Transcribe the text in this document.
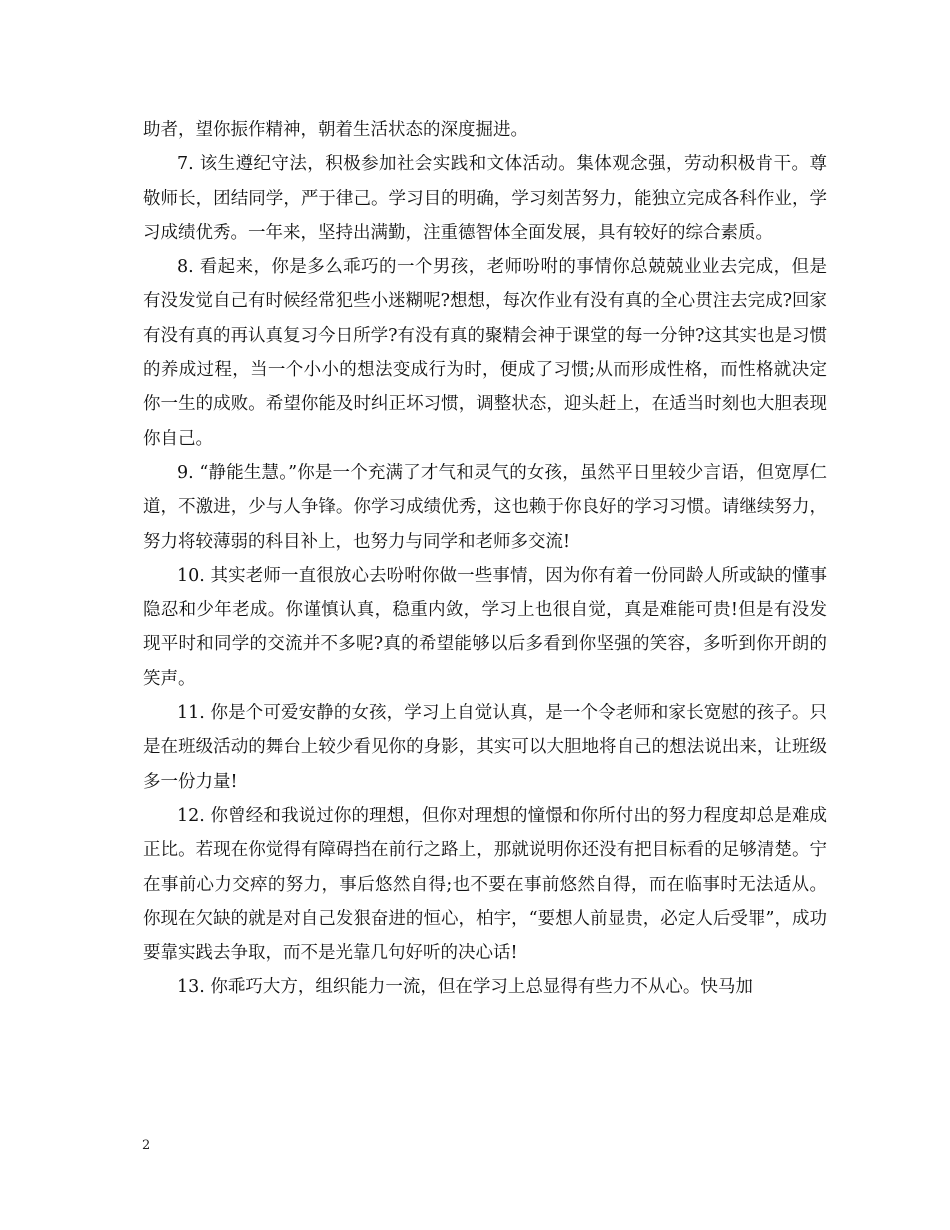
助者，望你振作精神，朝着生活状态的深度掘进。

7. 该生遵纪守法，积极参加社会实践和文体活动。集体观念强，劳动积极肯干。尊敬师长，团结同学，严于律己。学习目的明确，学习刻苦努力，能独立完成各科作业，学习成绩优秀。一年来，坚持出满勤，注重德智体全面发展，具有较好的综合素质。

8. 看起来，你是多么乖巧的一个男孩，老师吩咐的事情你总兢兢业业去完成，但是有没发觉自己有时候经常犯些小迷糊呢?想想，每次作业有没有真的全心贯注去完成?回家有没有真的再认真复习今日所学?有没有真的聚精会神于课堂的每一分钟?这其实也是习惯的养成过程，当一个小小的想法变成行为时，便成了习惯;从而形成性格，而性格就决定你一生的成败。希望你能及时纠正坏习惯，调整状态，迎头赶上，在适当时刻也大胆表现你自己。

9. “静能生慧。”你是一个充满了才气和灵气的女孩，虽然平日里较少言语，但宽厚仁道，不激进，少与人争锋。你学习成绩优秀，这也赖于你良好的学习习惯。请继续努力，努力将较薄弱的科目补上，也努力与同学和老师多交流!

10. 其实老师一直很放心去吩咐你做一些事情，因为你有着一份同龄人所或缺的懂事隐忍和少年老成。你谨慎认真，稳重内敛，学习上也很自觉，真是难能可贵!但是有没发现平时和同学的交流并不多呢?真的希望能够以后多看到你坚强的笑容，多听到你开朗的笑声。

11. 你是个可爱安静的女孩，学习上自觉认真，是一个令老师和家长宽慰的孩子。只是在班级活动的舞台上较少看见你的身影，其实可以大胆地将自己的想法说出来，让班级多一份力量!

12. 你曾经和我说过你的理想，但你对理想的憧憬和你所付出的努力程度却总是难成正比。若现在你觉得有障碍挡在前行之路上，那就说明你还没有把目标看的足够清楚。宁在事前心力交瘁的努力，事后悠然自得;也不要在事前悠然自得，而在临事时无法适从。你现在欠缺的就是对自己发狠奋进的恒心，柏宇，“要想人前显贵，必定人后受罪”，成功要靠实践去争取，而不是光靠几句好听的决心话!

13. 你乖巧大方，组织能力一流，但在学习上总显得有些力不从心。快马加

2
